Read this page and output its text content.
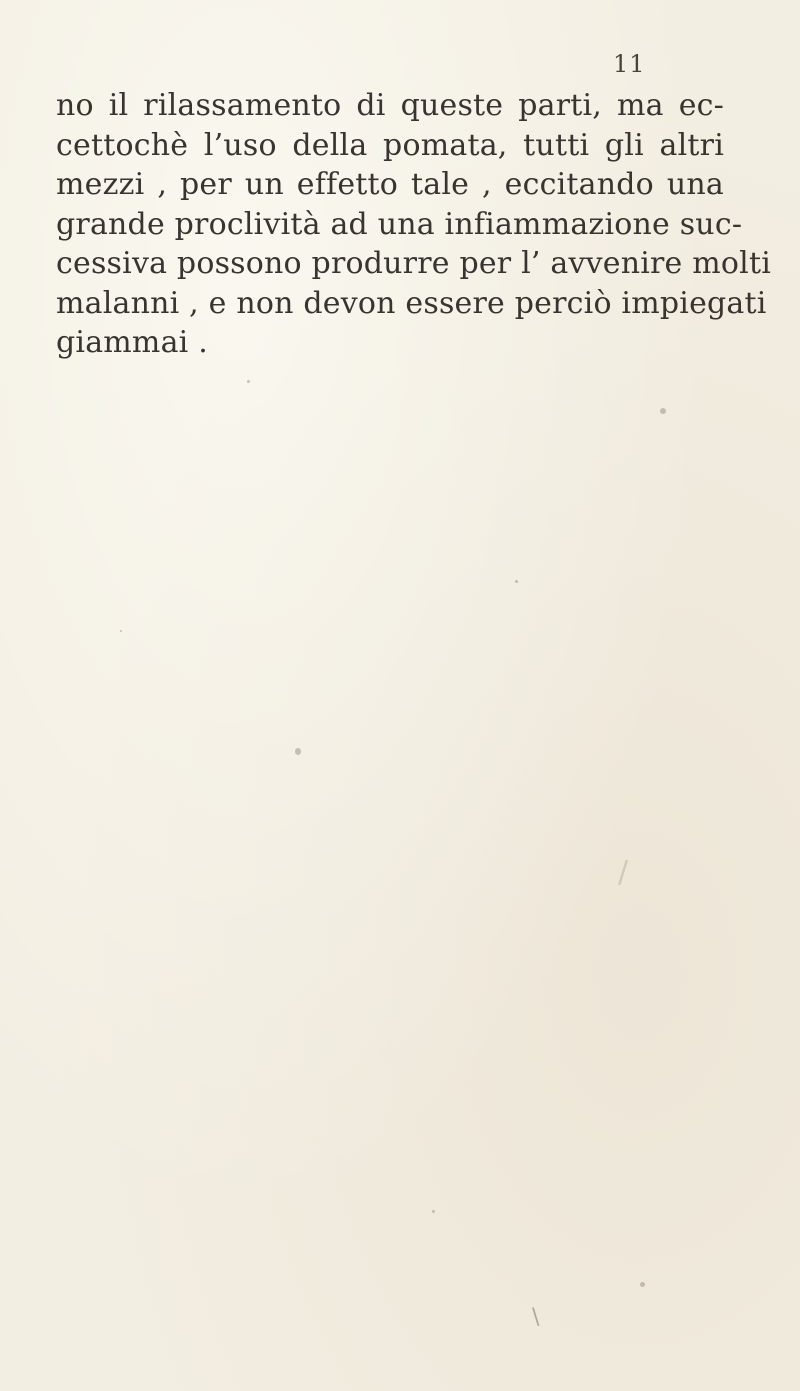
11
no il rilassamento di queste parti, ma ec-
cettochè l’uso della pomata, tutti gli altri
mezzi , per un effetto tale , eccitando una
grande proclività ad una infiammazione suc-
cessiva possono produrre per l’ avvenire molti
malanni , e non devon essere perciò impiegati
giammai .
\
/
